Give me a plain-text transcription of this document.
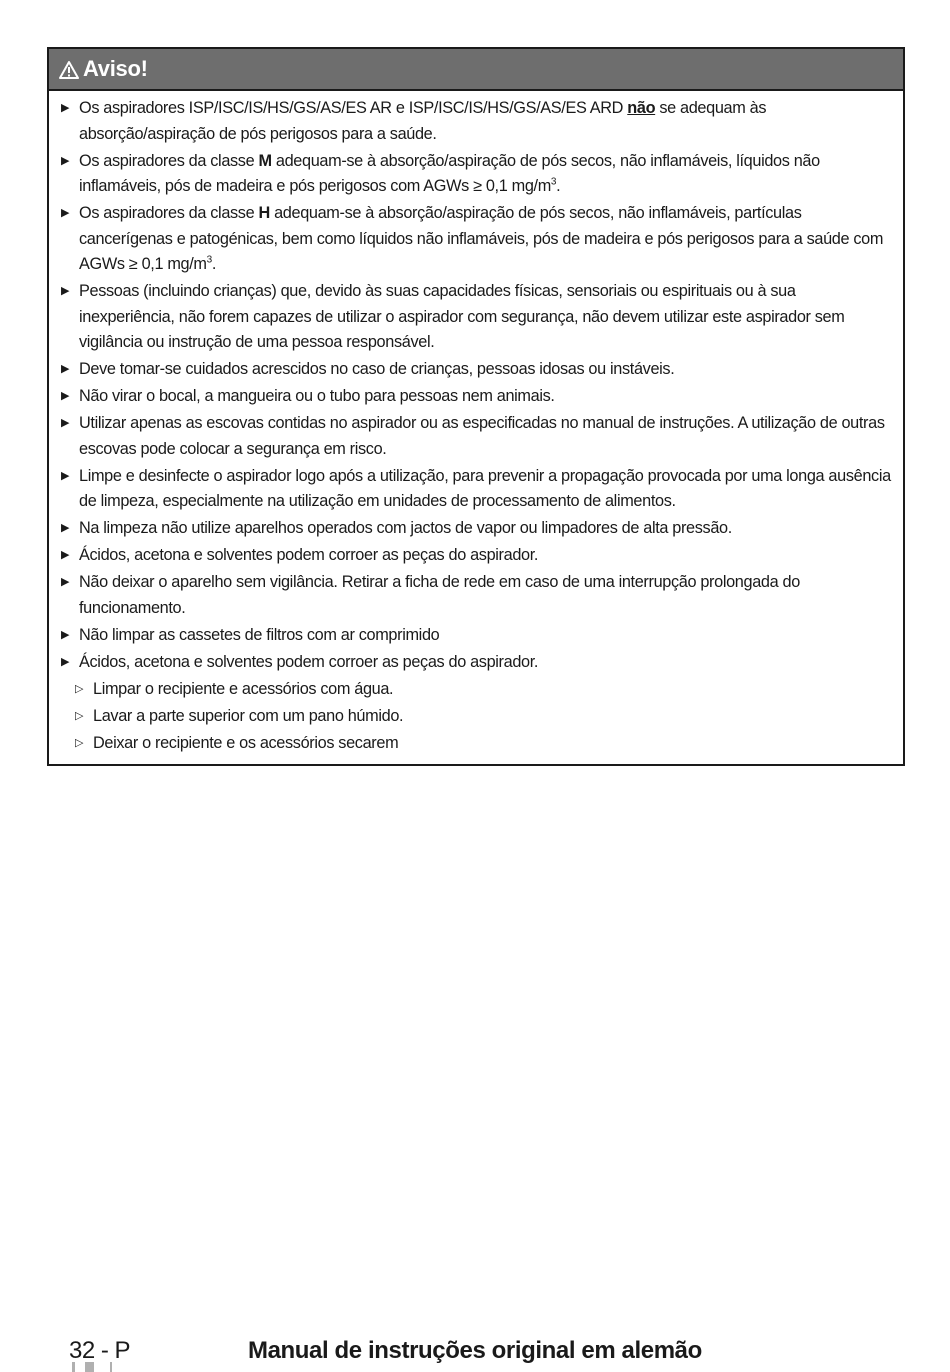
Aviso!
▶ Os aspiradores ISP/ISC/IS/HS/GS/AS/ES AR e ISP/ISC/IS/HS/GS/AS/ES ARD não se adequam às absorção/aspiração de pós perigosos para a saúde.
▶ Os aspiradores da classe M adequam-se à absorção/aspiração de pós secos, não inflamáveis, líquidos não inflamáveis, pós de madeira e pós perigosos com AGWs ≥ 0,1 $mg/m^3$.
▶ Os aspiradores da classe H adequam-se à absorção/aspiração de pós secos, não inflamáveis, partículas cancerígenas e patogénicas, bem como líquidos não inflamáveis, pós de madeira e pós perigosos para a saúde com AGWs ≥ 0,1 $mg/m^3$.
▶ Pessoas (incluindo crianças) que, devido às suas capacidades físicas, sensoriais ou espirituais ou à sua inexperiência, não forem capazes de utilizar o aspirador com segurança, não devem utilizar este aspirador sem vigilância ou instrução de uma pessoa responsável.
▶ Deve tomar-se cuidados acrescidos no caso de crianças, pessoas idosas ou instáveis.
▶ Não virar o bocal, a mangueira ou o tubo para pessoas nem animais.
▶ Utilizar apenas as escovas contidas no aspirador ou as especificadas no manual de instruções. A utilização de outras escovas pode colocar a segurança em risco.
▶ Limpe e desinfecte o aspirador logo após a utilização, para prevenir a propagação provocada por uma longa ausência de limpeza, especialmente na utilização em unidades de processamento de alimentos.
▶ Na limpeza não utilize aparelhos operados com jactos de vapor ou limpadores de alta pressão.
▶ Ácidos, acetona e solventes podem corroer as peças do aspirador.
▶ Não deixar o aparelho sem vigilância. Retirar a ficha de rede em caso de uma interrupção prolongada do funcionamento.
▶ Não limpar as cassetes de filtros com ar comprimido
▶ Ácidos, acetona e solventes podem corroer as peças do aspirador.
▷ Limpar o recipiente e acessórios com água.
▷ Lavar a parte superior com um pano húmido.
▷ Deixar o recipiente e os acessórios secarem
32 - P	Manual de instruções original em alemão
